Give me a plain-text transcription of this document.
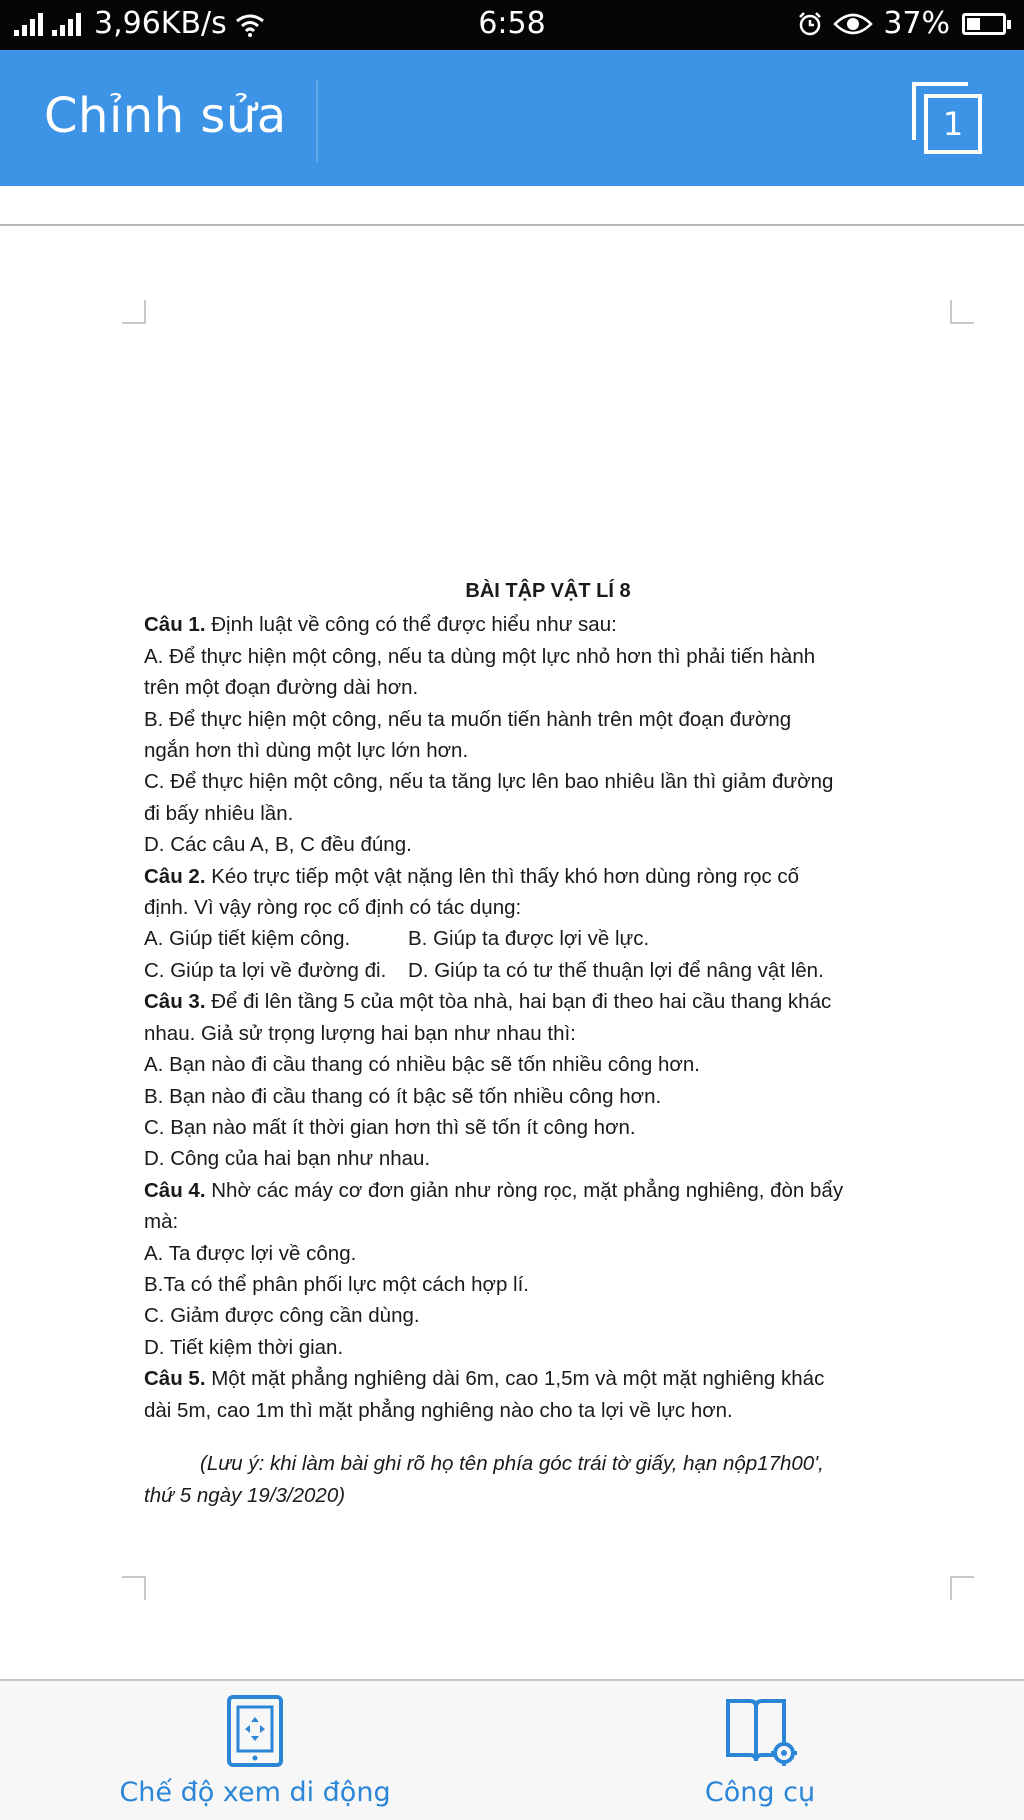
3,96KB/s	6:58	37%
Chỉnh sửa	1
BÀI TẬP VẬT LÍ 8
Câu 1. Định luật về công có thể được hiểu như sau:
A. Để thực hiện một công, nếu ta dùng một lực nhỏ hơn thì phải tiến hành
trên một đoạn đường dài hơn.
B. Để thực hiện một công, nếu ta muốn tiến hành trên một đoạn đường
ngắn hơn thì dùng một lực lớn hơn.
C. Để thực hiện một công, nếu ta tăng lực lên bao nhiêu lần thì giảm đường
đi bấy nhiêu lần.
D. Các câu A, B, C đều đúng.
Câu 2. Kéo trực tiếp một vật nặng lên thì thấy khó hơn dùng ròng rọc cố
định. Vì vậy ròng rọc cố định có tác dụng:
A. Giúp tiết kiệm công.	B. Giúp ta được lợi về lực.
C. Giúp ta lợi về đường đi.	D. Giúp ta có tư thế thuận lợi để nâng vật lên.
Câu 3. Để đi lên tầng 5 của một tòa nhà, hai bạn đi theo hai cầu thang khác
nhau. Giả sử trọng lượng hai bạn như nhau thì:
A. Bạn nào đi cầu thang có nhiều bậc sẽ tốn nhiều công hơn.
B. Bạn nào đi cầu thang có ít bậc sẽ tốn nhiều công hơn.
C. Bạn nào mất ít thời gian hơn thì sẽ tốn ít công hơn.
D. Công của hai bạn như nhau.
Câu 4. Nhờ các máy cơ đơn giản như ròng rọc, mặt phẳng nghiêng, đòn bẩy
mà:
A. Ta được lợi về công.
B.Ta có thể phân phối lực một cách hợp lí.
C. Giảm được công cần dùng.
D. Tiết kiệm thời gian.
Câu 5. Một mặt phẳng nghiêng dài 6m, cao 1,5m và một mặt nghiêng khác
dài 5m, cao 1m thì mặt phẳng nghiêng nào cho ta lợi về lực hơn.
(Lưu ý: khi làm bài ghi rõ họ tên phía góc trái tờ giấy, hạn nộp17h00',
thứ 5 ngày 19/3/2020)
Chế độ xem di động	Công cụ
